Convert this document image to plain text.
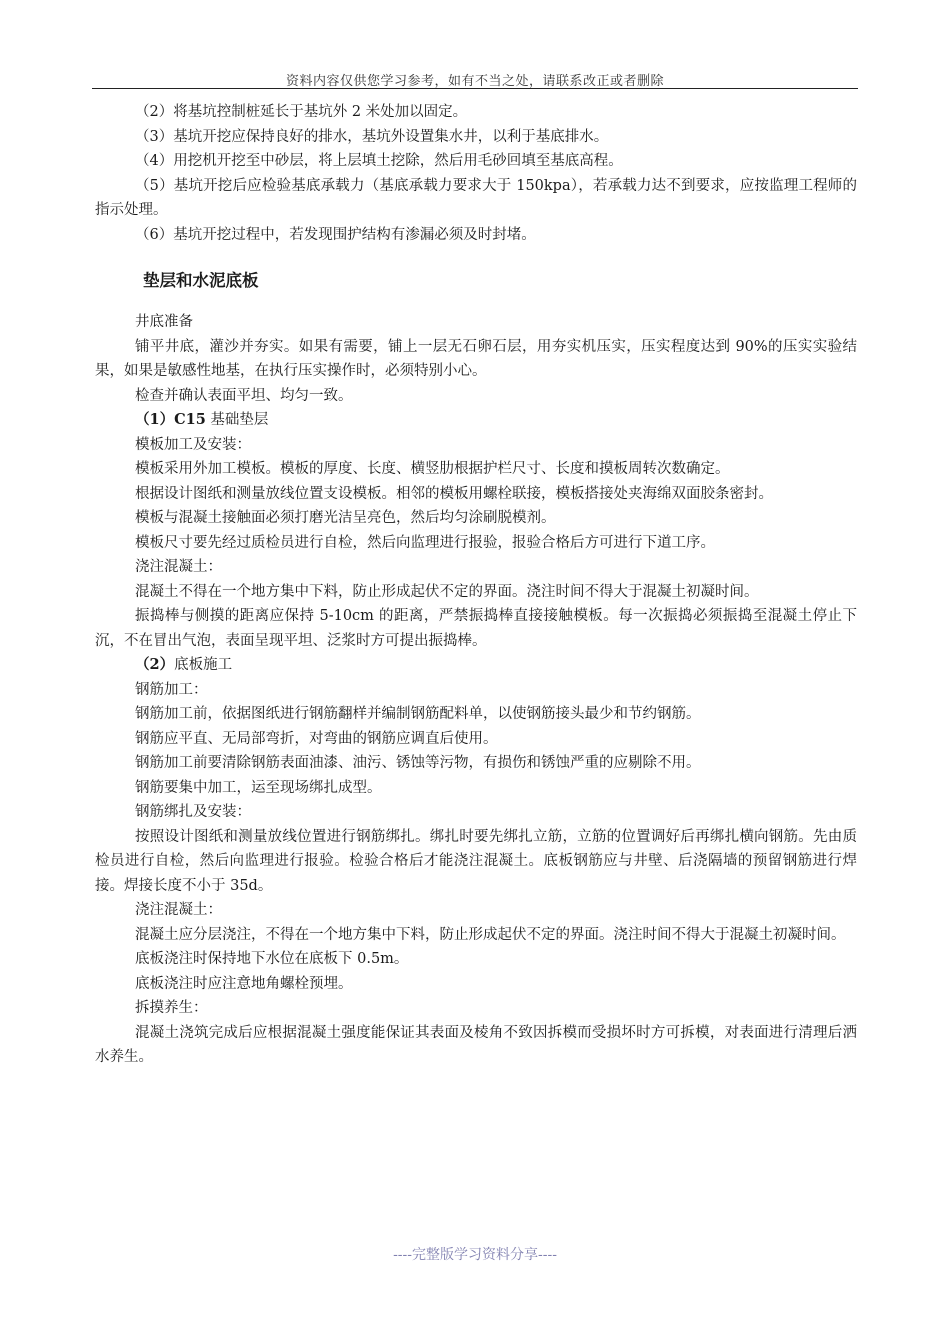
资料内容仅供您学习参考，如有不当之处，请联系改正或者删除

（2）将基坑控制桩延长于基坑外 2 米处加以固定。

（3）基坑开挖应保持良好的排水，基坑外设置集水井，以利于基底排水。

（4）用挖机开挖至中砂层，将上层填土挖除，然后用毛砂回填至基底高程。

（5）基坑开挖后应检验基底承载力（基底承载力要求大于 150kpa），若承载力达不到要求，应按监理工程师的指示处理。

（6）基坑开挖过程中，若发现围护结构有渗漏必须及时封堵。

垫层和水泥底板

井底准备

铺平井底，灌沙并夯实。如果有需要，铺上一层无石卵石层，用夯实机压实，压实程度达到 90%的压实实验结果，如果是敏感性地基，在执行压实操作时，必须特别小心。

检查并确认表面平坦、均匀一致。

（1）C15 基础垫层

模板加工及安装：

模板采用外加工模板。模板的厚度、长度、横竖肋根据护栏尺寸、长度和摸板周转次数确定。

根据设计图纸和测量放线位置支设模板。相邻的模板用螺栓联接，模板搭接处夹海绵双面胶条密封。

模板与混凝土接触面必须打磨光洁呈亮色，然后均匀涂刷脱模剂。

模板尺寸要先经过质检员进行自检，然后向监理进行报验，报验合格后方可进行下道工序。

浇注混凝土：

混凝土不得在一个地方集中下料，防止形成起伏不定的界面。浇注时间不得大于混凝土初凝时间。

振捣棒与侧摸的距离应保持 5-10cm 的距离，严禁振捣棒直接接触模板。每一次振捣必须振捣至混凝土停止下沉，不在冒出气泡，表面呈现平坦、泛浆时方可提出振捣棒。

（2）底板施工

钢筋加工：

钢筋加工前，依据图纸进行钢筋翻样并编制钢筋配料单，以使钢筋接头最少和节约钢筋。

钢筋应平直、无局部弯折，对弯曲的钢筋应调直后使用。

钢筋加工前要清除钢筋表面油漆、油污、锈蚀等污物，有损伤和锈蚀严重的应剔除不用。

钢筋要集中加工，运至现场绑扎成型。

钢筋绑扎及安装：

按照设计图纸和测量放线位置进行钢筋绑扎。绑扎时要先绑扎立筋，立筋的位置调好后再绑扎横向钢筋。先由质检员进行自检，然后向监理进行报验。检验合格后才能浇注混凝土。底板钢筋应与井壁、后浇隔墙的预留钢筋进行焊接。焊接长度不小于 35d。

浇注混凝土：

混凝土应分层浇注，不得在一个地方集中下料，防止形成起伏不定的界面。浇注时间不得大于混凝土初凝时间。

底板浇注时保持地下水位在底板下 0.5m。

底板浇注时应注意地角螺栓预埋。

拆摸养生：

混凝土浇筑完成后应根据混凝土强度能保证其表面及棱角不致因拆模而受损坏时方可拆模，对表面进行清理后洒水养生。

----完整版学习资料分享----
